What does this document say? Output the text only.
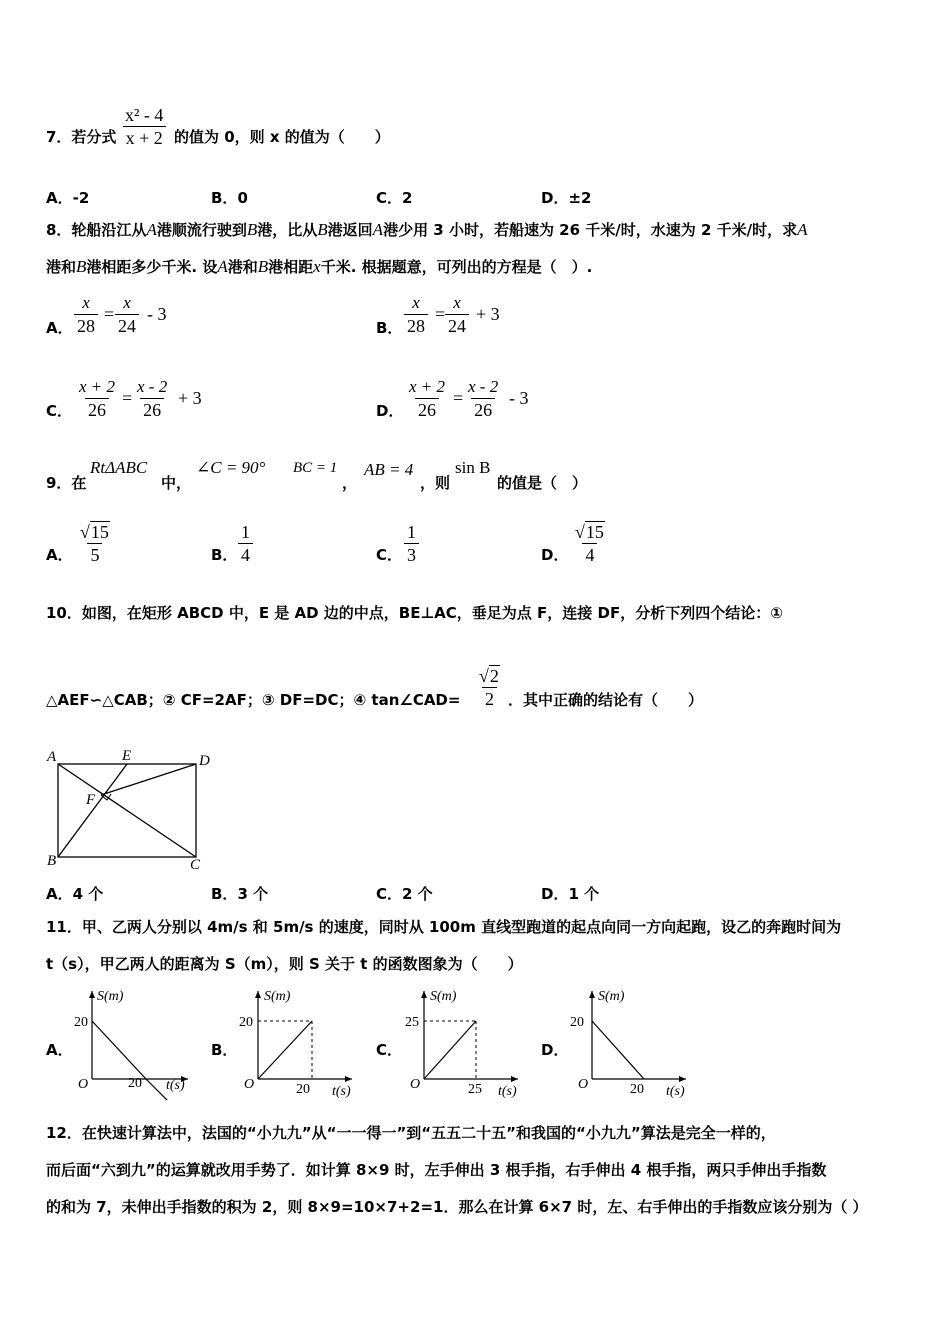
7．若分式 $\frac{\text{x² - 4}}{x + 2}$ 的值为 0，则 x 的值为（　　）
A．-2	B．0	C．2	D．±2
8．轮船沿江从A港顺流行驶到B港，比从B港返回A港少用 3 小时，若船速为 26 千米/时，水速为 2 千米/时，求A
港和B港相距多少千米. 设A港和B港相距x千米. 根据题意，可列出的方程是（　）.
A． $\frac{x}{28} = \frac{x}{24} - 3$
B． $\frac{x}{28} = \frac{x}{24} + 3$
C． $\frac{x + 2}{26} = \frac{x - 2}{26} + 3$
D． $\frac{x + 2}{26} = \frac{x - 2}{26} - 3$
9．在
RtΔABC
中，
∠C = 90° BC = 1
，
AB = 4
，则
sin B
的值是（　）
A． $\frac{√15}{5}$	B． $\frac{1}{4}$	C． $\frac{1}{3}$	D． $\frac{√15}{4}$
10．如图，在矩形 ABCD 中，E 是 AD 边的中点，BE⊥AC，垂足为点 F，连接 DF，分析下列四个结论：①
△AEF∽△CAB；② CF=2AF；③ DF=DC；④ tan∠CAD= $\frac{√2}{2}$ ．其中正确的结论有（　　）
A	E	D
F
B	C
A．4 个	B．3 个	C．2 个	D．1 个
11．甲、乙两人分别以 4m/s 和 5m/s 的速度，同时从 100m 直线型跑道的起点向同一方向起跑，设乙的奔跑时间为
t（s），甲乙两人的距离为 S（m），则 S 关于 t 的函数图象为（　　）
A．
S(m)
t(s)
O
20
20
B．
S(m)
t(s)
O
20
20
C．
S(m)
t(s)
O
25
25
D．
S(m)
t(s)
O
20
20
12．在快速计算法中，法国的“小九九”从“一一得一”到“五五二十五”和我国的“小九九”算法是完全一样的，
而后面“六到九”的运算就改用手势了．如计算 8×9 时，左手伸出 3 根手指，右手伸出 4 根手指，两只手伸出手指数
的和为 7，未伸出手指数的积为 2，则 8×9=10×7+2=1．那么在计算 6×7 时，左、右手伸出的手指数应该分别为（ ）
